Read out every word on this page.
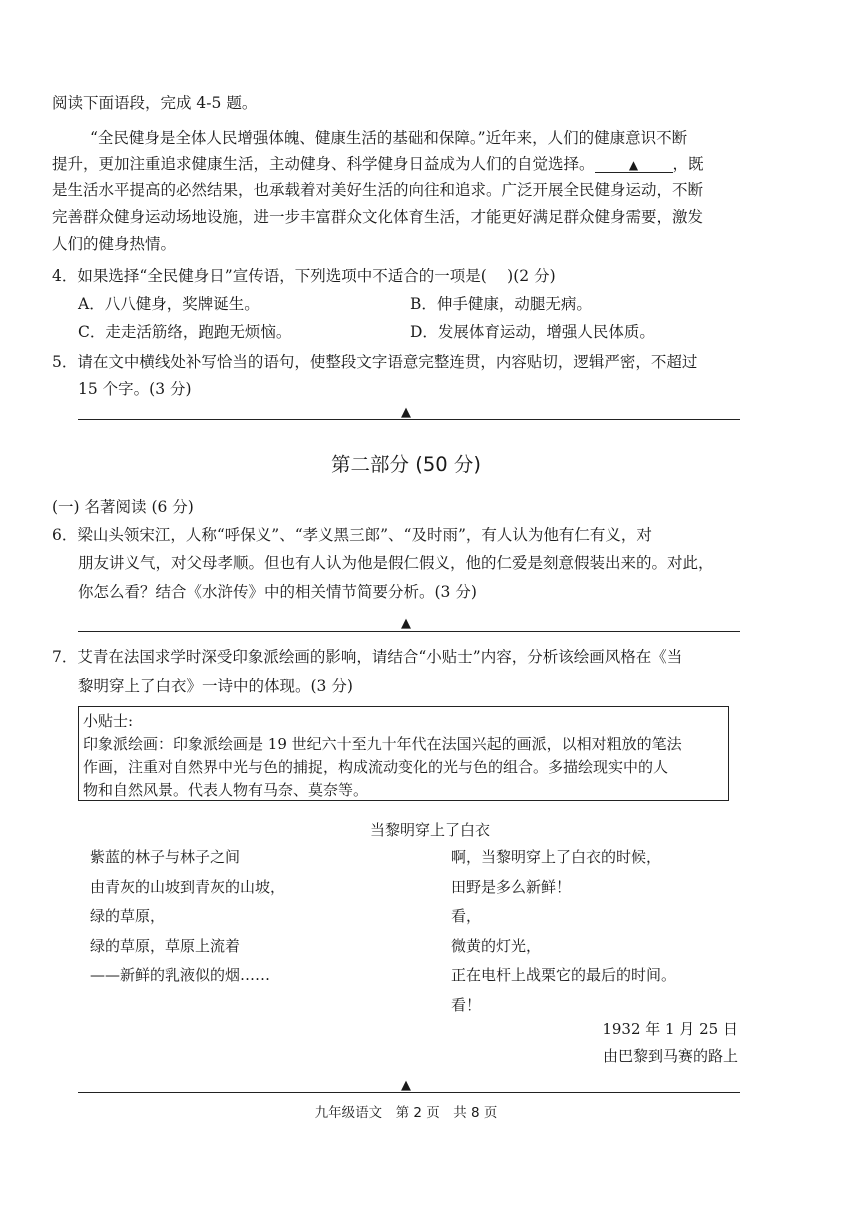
阅读下面语段，完成 4-5 题。
“全民健身是全体人民增强体魄、健康生活的基础和保障。”近年来，人们的健康意识不断
提升，更加注重追求健康生活，主动健身、科学健身日益成为人们的自觉选择。	▲ ，既
是生活水平提高的必然结果，也承载着对美好生活的向往和追求。广泛开展全民健身运动，不断
完善群众健身运动场地设施，进一步丰富群众文化体育生活，才能更好满足群众健身需要，激发
人们的健身热情。
4．如果选择“全民健身日”宣传语，下列选项中不适合的一项是(　 )(2 分)
A．八八健身，奖牌诞生。	B．伸手健康，动腿无病。
C．走走活筋络，跑跑无烦恼。	D．发展体育运动，增强人民体质。
5．请在文中横线处补写恰当的语句，使整段文字语意完整连贯，内容贴切，逻辑严密，不超过
15 个字。(3 分)
▲
第二部分 (50 分)
(一) 名著阅读 (6 分)
6．梁山头领宋江，人称“呼保义”、“孝义黑三郎”、“及时雨”，有人认为他有仁有义，对
朋友讲义气，对父母孝顺。但也有人认为他是假仁假义，他的仁爱是刻意假装出来的。对此，
你怎么看？结合《水浒传》中的相关情节简要分析。(3 分)
▲
7．艾青在法国求学时深受印象派绘画的影响，请结合“小贴士”内容，分析该绘画风格在《当
黎明穿上了白衣》一诗中的体现。(3 分)
小贴士:
印象派绘画：印象派绘画是 19 世纪六十至九十年代在法国兴起的画派，以相对粗放的笔法
作画，注重对自然界中光与色的捕捉，构成流动变化的光与色的组合。多描绘现实中的人
物和自然风景。代表人物有马奈、莫奈等。
当黎明穿上了白衣
紫蓝的林子与林子之间
由青灰的山坡到青灰的山坡，
绿的草原，
绿的草原，草原上流着
——新鲜的乳液似的烟……
啊，当黎明穿上了白衣的时候，
田野是多么新鲜！
看，
微黄的灯光，
正在电杆上战栗它的最后的时间。
看！
1932 年 1 月 25 日
由巴黎到马赛的路上
▲
九年级语文　第 2 页　共 8 页
